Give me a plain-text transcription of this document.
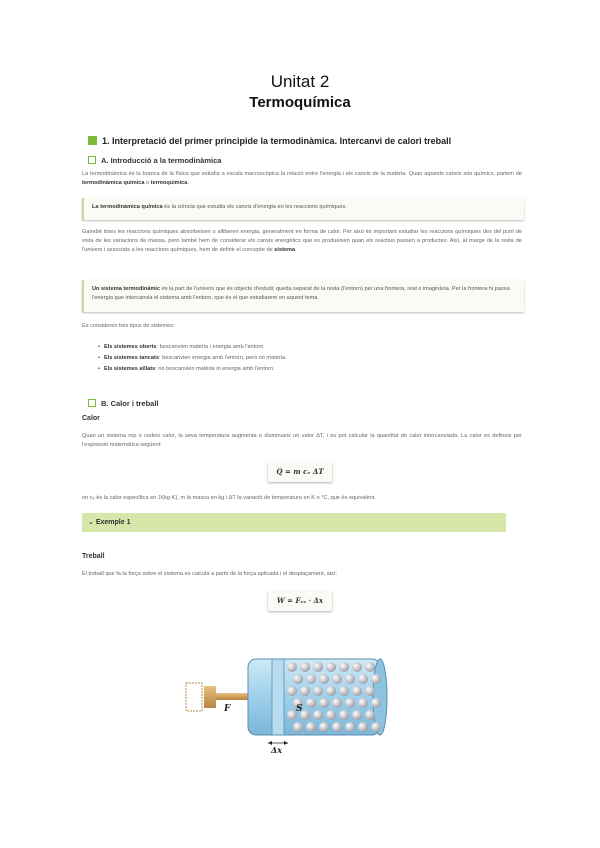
Unitat 2
Termoquímica
1. Interpretació del primer principide la termodinàmica. Intercanvi de calori treball
A. Introducció a la termodinàmica
La termodinàmica és la branca de la física que estudia a escala macroscòpica la relació entre l'energia i els canvis de la matèria. Quan aquests canvis són químics, parlem de termodinàmica química o termoquímica.
La termodinàmica química és la ciència que estudia els canvis d'energia en les reaccions químiques.
Gairebé totes les reaccions químiques absorbeixen o alliberen energia, generalment en forma de calor. Per això és important estudiar les reaccions químiques des del punt de vista de les variacions de massa, però també hem de considerar els canvis energètics que es produeixen quan els reactius passen a productes. Així, al marge de la resta de l'univers i associats a les reaccions químiques, hem de definir el concepte de sistema.
Un sistema termodinàmic és la part de l'univers que és objecte d'estudi; queda separat de la resta (l'entorn) per una frontera, real o imaginària. Per la frontera hi passa l'energia que intercanvia el sistema amb l'entorn, que és el que estudiarem en aquest tema.
Es consideren tres tipus de sistemes:
• Els sistemes oberts: bescanvien matèria i energia amb l'entorn.
• Els sistemes tancats: bescanvien energia amb l'entorn, però no matèria.
• Els sistemes aïllats: no bescanvien matèria ni energia amb l'entorn.
B. Calor i treball
Calor
Quan un sistema rep o cedeix calor, la seva temperatura augmenta o disminueix un valor ΔT, i es pot calcular la quantitat de calor intercanviada. La calor es defineix per l'expressió matemàtica següent:
Q = m cₑ ΔT
on cₑ és la calor específica en J/(kg·K), m la massa en kg i ΔT la variació de temperatura en K o °C, que és equivalent.
⌄ Exemple 1
Treball
El treball que fa la força sobre el sistema es calcula a partir de la força aplicada i el desplaçament, així:
W = Fₑₓ · Δx
F	S
Δx
